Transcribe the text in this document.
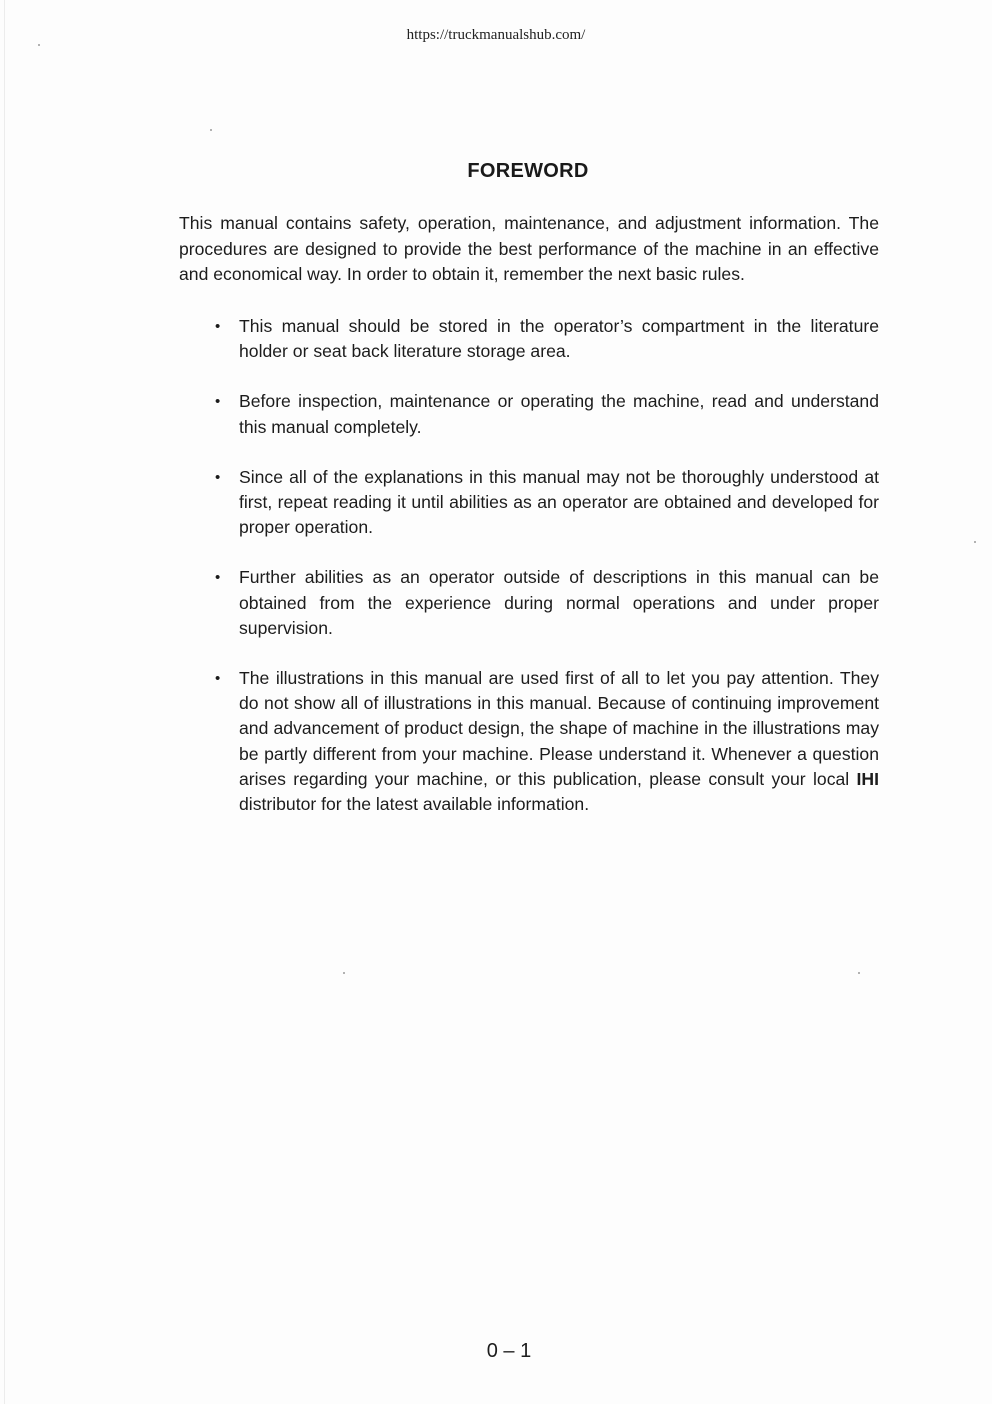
https://truckmanualshub.com/
FOREWORD

This manual contains safety, operation, maintenance, and adjustment information. The procedures are designed to provide the best performance of the machine in an effective and economical way. In order to obtain it, remember the next basic rules.

• This manual should be stored in the operator’s compartment in the literature holder or seat back literature storage area.
• Before inspection, maintenance or operating the machine, read and understand this manual completely.
• Since all of the explanations in this manual may not be thoroughly understood at first, repeat reading it until abilities as an operator are obtained and developed for proper operation.
• Further abilities as an operator outside of descriptions in this manual can be obtained from the experience during normal operations and under proper supervision.
• The illustrations in this manual are used first of all to let you pay attention. They do not show all of illustrations in this manual. Because of continuing improvement and advancement of product design, the shape of machine in the illustrations may be partly different from your machine. Please understand it. Whenever a question arises regarding your machine, or this publication, please consult your local IHI distributor for the latest available information.
0 – 1
